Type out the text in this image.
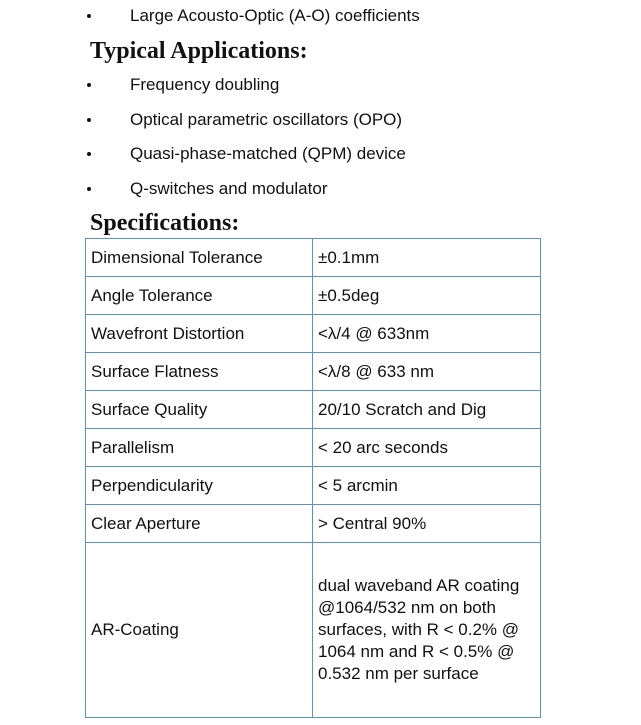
Large Acousto-Optic (A-O) coefficients
Typical Applications:
Frequency doubling
Optical parametric oscillators (OPO)
Quasi-phase-matched (QPM) device
Q-switches and modulator
Specifications:
Dimensional Tolerance	±0.1mm
Angle Tolerance	±0.5deg
Wavefront Distortion	<λ/4 @ 633nm
Surface Flatness	<λ/8 @ 633 nm
Surface Quality	20/10 Scratch and Dig
Parallelism	< 20 arc seconds
Perpendicularity	< 5 arcmin
Clear Aperture	> Central 90%
AR-Coating	dual waveband AR coating
@1064/532 nm on both
surfaces, with R < 0.2% @
1064 nm and R < 0.5% @
0.532 nm per surface
